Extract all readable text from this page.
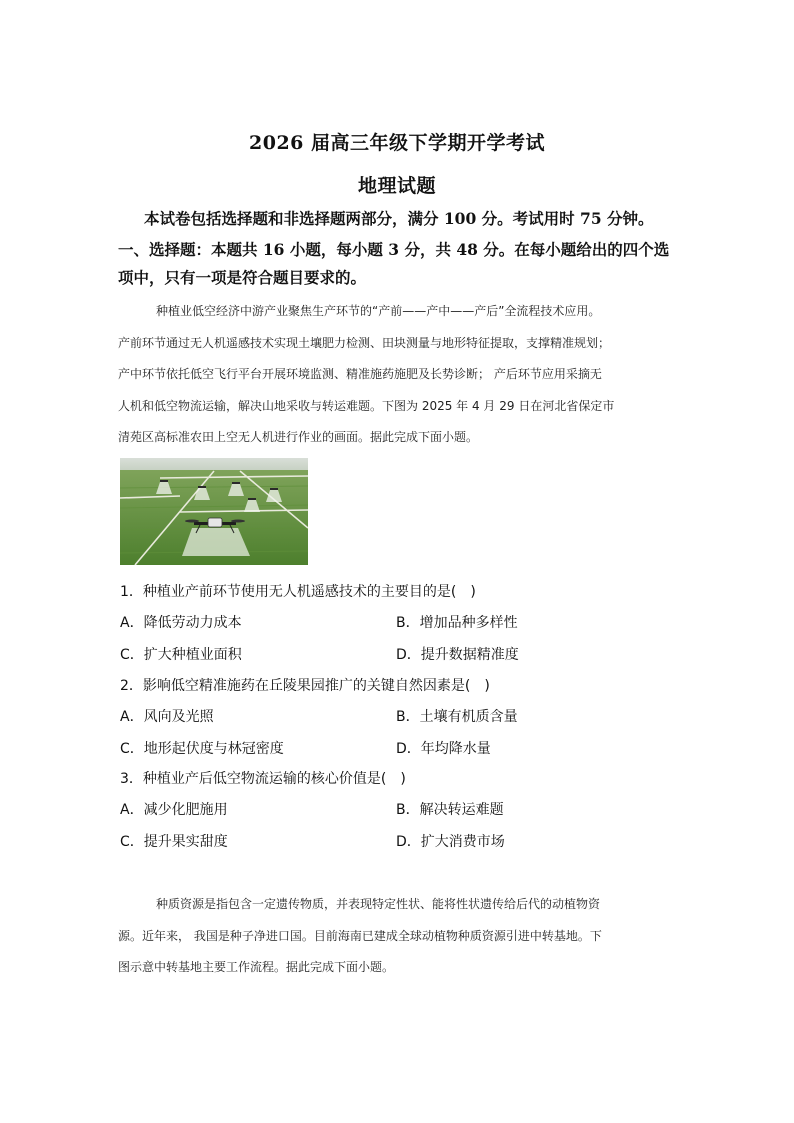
2026 届高三年级下学期开学考试
地理试题
本试卷包括选择题和非选择题两部分，满分 100 分。考试用时 75 分钟。
一、选择题：本题共 16 小题，每小题 3 分，共 48 分。在每小题给出的四个选
项中，只有一项是符合题目要求的。
种植业低空经济中游产业聚焦生产环节的“产前——产中——产后”全流程技术应用。
产前环节通过无人机遥感技术实现土壤肥力检测、田块测量与地形特征提取，支撑精准规划；
产中环节依托低空飞行平台开展环境监测、精准施药施肥及长势诊断； 产后环节应用采摘无
人机和低空物流运输，解决山地采收与转运难题。下图为 2025 年 4 月 29 日在河北省保定市
清苑区高标准农田上空无人机进行作业的画面。据此完成下面小题。
1．种植业产前环节使用无人机遥感技术的主要目的是(　)
A．降低劳动力成本	B．增加品种多样性
C．扩大种植业面积	D．提升数据精准度
2．影响低空精准施药在丘陵果园推广的关键自然因素是(　)
A．风向及光照	B．土壤有机质含量
C．地形起伏度与林冠密度	D．年均降水量
3．种植业产后低空物流运输的核心价值是(　)
A．减少化肥施用	B．解决转运难题
C．提升果实甜度	D．扩大消费市场
种质资源是指包含一定遗传物质，并表现特定性状、能将性状遗传给后代的动植物资
源。近年来， 我国是种子净进口国。目前海南已建成全球动植物种质资源引进中转基地。下
图示意中转基地主要工作流程。据此完成下面小题。
